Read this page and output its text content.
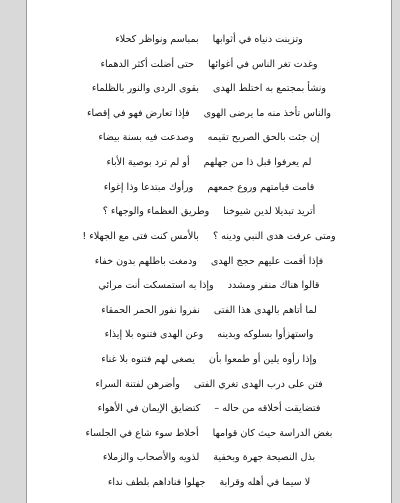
وتزينت دنياه في أثوابها
بمباسم ونواظر كحلاء
وغدت تغر الناس في أغوائها
حتى أضلت أكثر الدهماء
ونشأ بمجتمع به اختلط الهدى
بقوى الردى والنور بالظلماء
والناس تأخذ منه ما يرضى الهوى
فإذا تعارض فهو في إقصاء
إن جئت بالحق الصريح تقيمه
وصدعت فيه بسنة بيضاء
لم يعرفوا قبل ذا من جهلهم
أو لم ترد بوصية الأباء
قامت قيامتهم وروع جمعهم
ورأوك مبتدعا وذا إغواء
أتريد تبديلا لدين شيوخنا
وطريق العظماء والوجهاء ؟
ومتى عرفت هدى النبي ودينه ؟
بالأمس كنت فتى مع الجهلاء !
فإذا أقمت عليهم حجج الهدى
ودمغت باطلهم بدون خفاء
قالوا هناك منفر ومشدد
وإذا به استمسكت أنت مرائي
لما أتاهم بالهدى هذا الفتى
نفروا نفور الحمر الحمقاء
واستهزأوا بسلوكه وبدينه
وعن الهدى فتنوه بلا إيذاء
وإذا رأوه يلين أو طمعوا بأن
يصغي لهم فتنوه بلا غناء
فتن على درب الهدى تغري الفتى
وأضرهن لفتنة السراء
فتضايقت أخلاقه من حاله –
كتضايق الإيمان في الأهواء
بغض الدراسة حيث كان قوامها
أخلاط سوء شاع في الجلساء
بذل النصيحة جهرة وبخفية
لذويه والأصحاب والزملاء
لا سيما في أهله وقرابة
جهلوا فناداهم بلطف نداء
